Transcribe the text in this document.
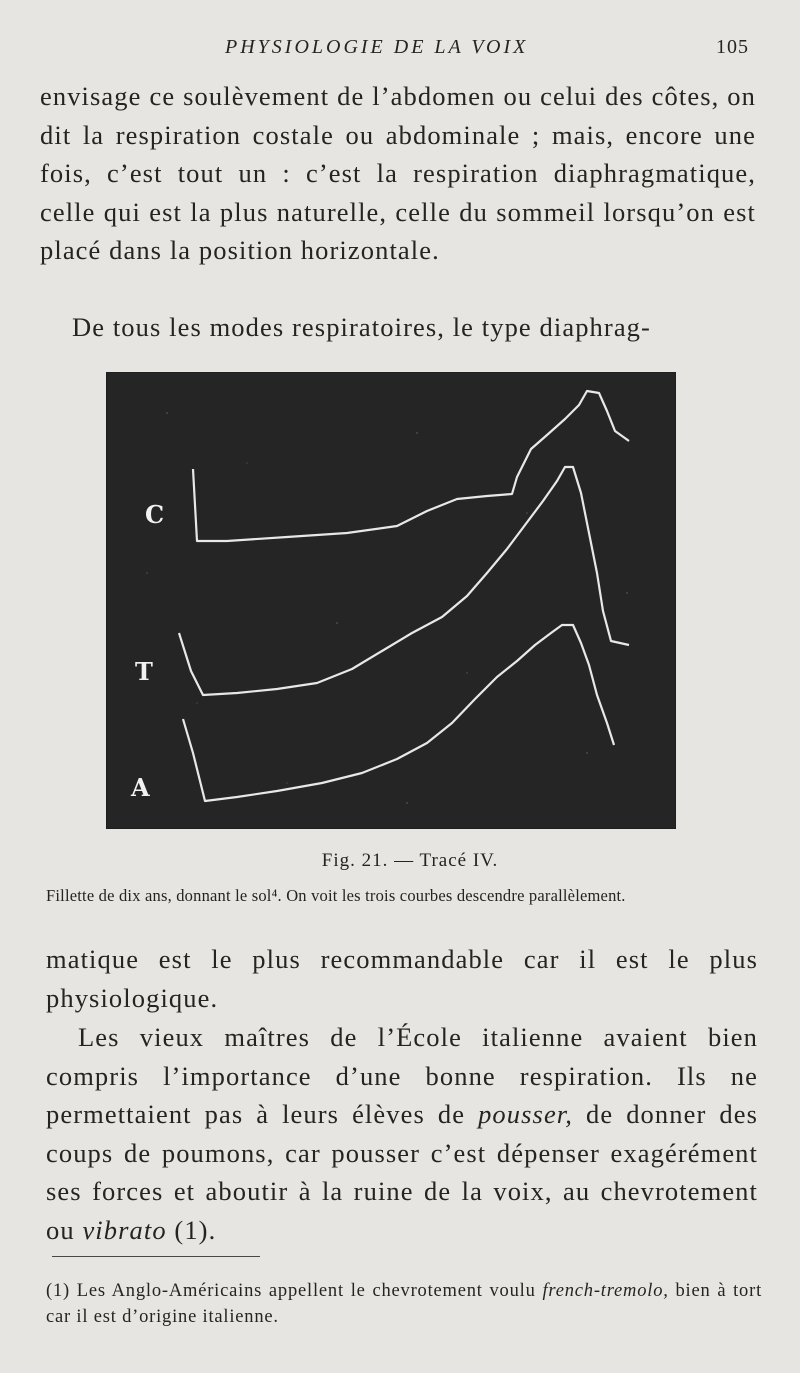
PHYSIOLOGIE DE LA VOIX	105

envisage ce soulèvement de l’abdomen ou celui des côtes, on dit la respiration costale ou abdominale ; mais, encore une fois, c’est tout un : c’est la respiration diaphragmatique, celle qui est la plus naturelle, celle du sommeil lorsqu’on est placé dans la position horizontale.

De tous les modes respiratoires, le type diaphrag-

C
T
A
Fig. 21. — Tracé IV.
Fillette de dix ans, donnant le sol⁴. On voit les trois courbes descendre parallèlement.

matique est le plus recommandable car il est le plus physiologique.

Les vieux maîtres de l’École italienne avaient bien compris l’importance d’une bonne respiration. Ils ne permettaient pas à leurs élèves de pousser, de donner des coups de poumons, car pousser c’est dépenser exagérément ses forces et aboutir à la ruine de la voix, au chevrotement ou vibrato (1).

(1) Les Anglo-Américains appellent le chevrotement voulu french-tremolo, bien à tort car il est d’origine italienne.
